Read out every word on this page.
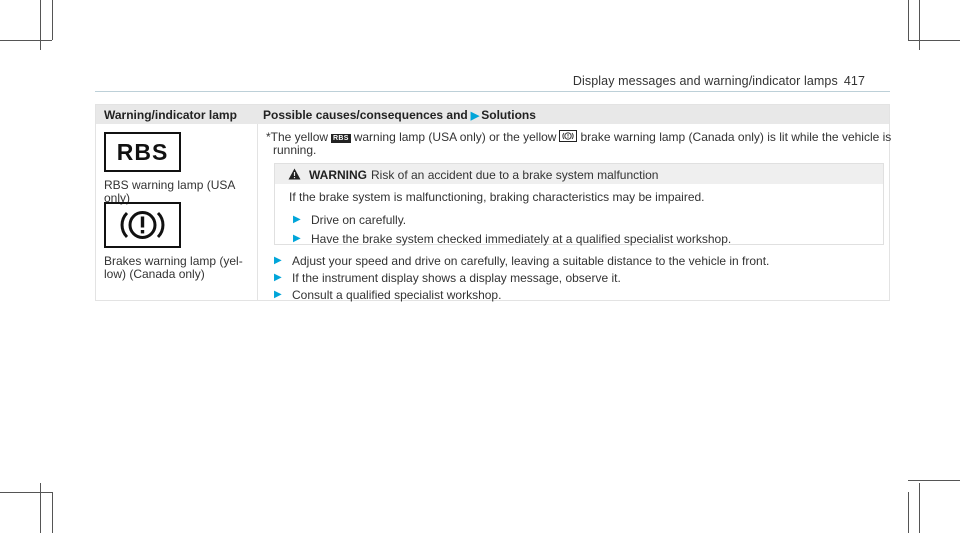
Display messages and warning/indicator lamps 417
Warning/indicator lamp Possible causes/consequences and ▶ Solutions
RBS
RBS warning lamp (USA
only)
Brakes warning lamp (yel-
low) (Canada only)
*The yellow RBS warning lamp (USA only) or the yellow brake warning lamp (Canada only) is lit while the vehicle is
running.
WARNING Risk of an accident due to a brake system malfunction
If the brake system is malfunctioning, braking characteristics may be impaired.
▶ Drive on carefully.
▶ Have the brake system checked immediately at a qualified specialist workshop.
▶ Adjust your speed and drive on carefully, leaving a suitable distance to the vehicle in front.
▶ If the instrument display shows a display message, observe it.
▶ Consult a qualified specialist workshop.
